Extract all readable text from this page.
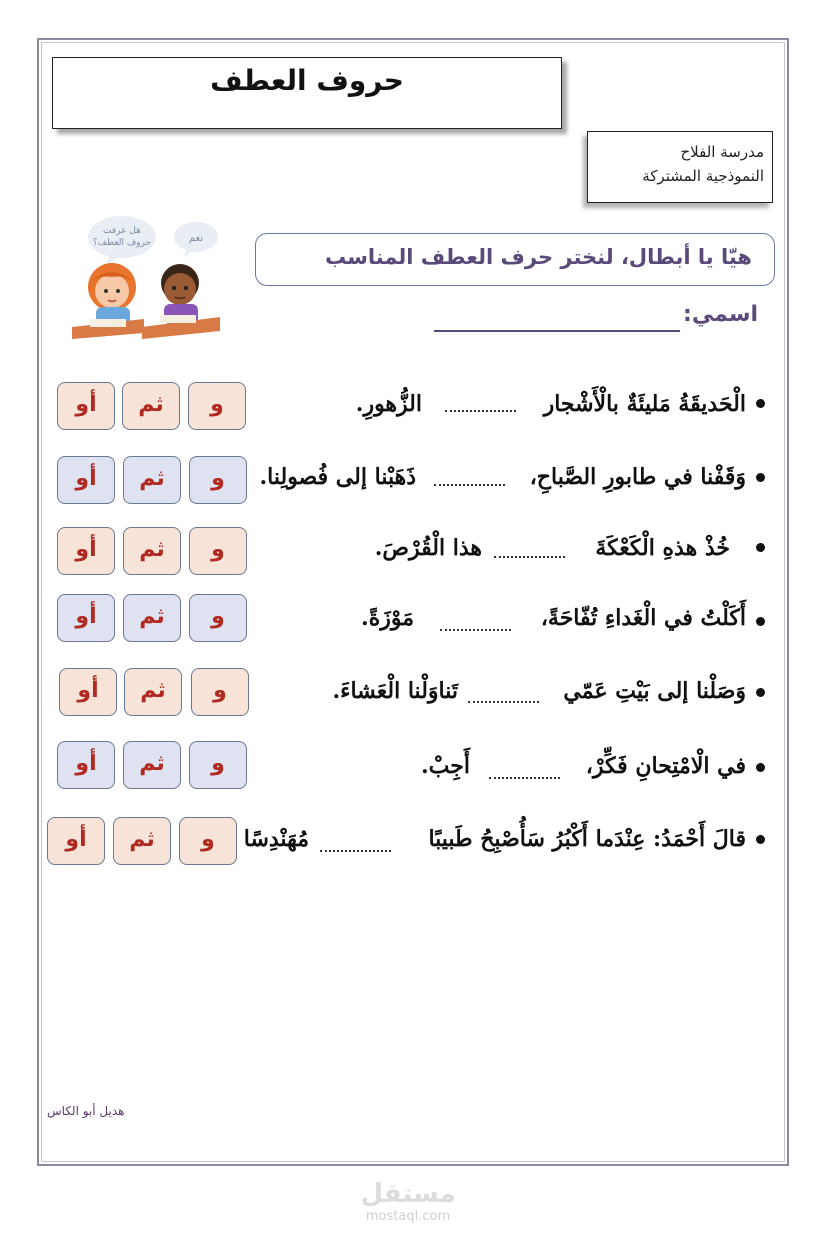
حروف العطف
مدرسة الفلاح
النموذجية المشتركة
هل عرفت
حروف العطف؟	نعم
هيّا يا أبطال، لنختر حرف العطف المناسب
اسمي:
الْحَديقَةُ مَليئَةٌ بالْأَشْجار
الزُّهورِ.
و
ثم
أو
وَقَفْنا في طابورِ الصَّباحِ،
ذَهَبْنا إلى فُصولِنا.
و
ثم
أو
خُذْ هذهِ الْكَعْكَةَ
هذا الْقُرْصَ.
و
ثم
أو
أَكَلْتُ في الْغَداءِ تُفّاحَةً،
مَوْزَةً.
و
ثم
أو
وَصَلْنا إلى بَيْتِ عَمّي
تَناوَلْنا الْعَشاءَ.
و
ثم
أو
في الْامْتِحانِ فَكِّرْ،
أَجِبْ.
و
ثم
أو
قالَ أَحْمَدُ: عِنْدَما أَكْبُرُ سَأُصْبِحُ طَبيبًا
مُهَنْدِسًا
و
ثم
أو
هديل أبو الكاس
مستقل
mostaql.com
